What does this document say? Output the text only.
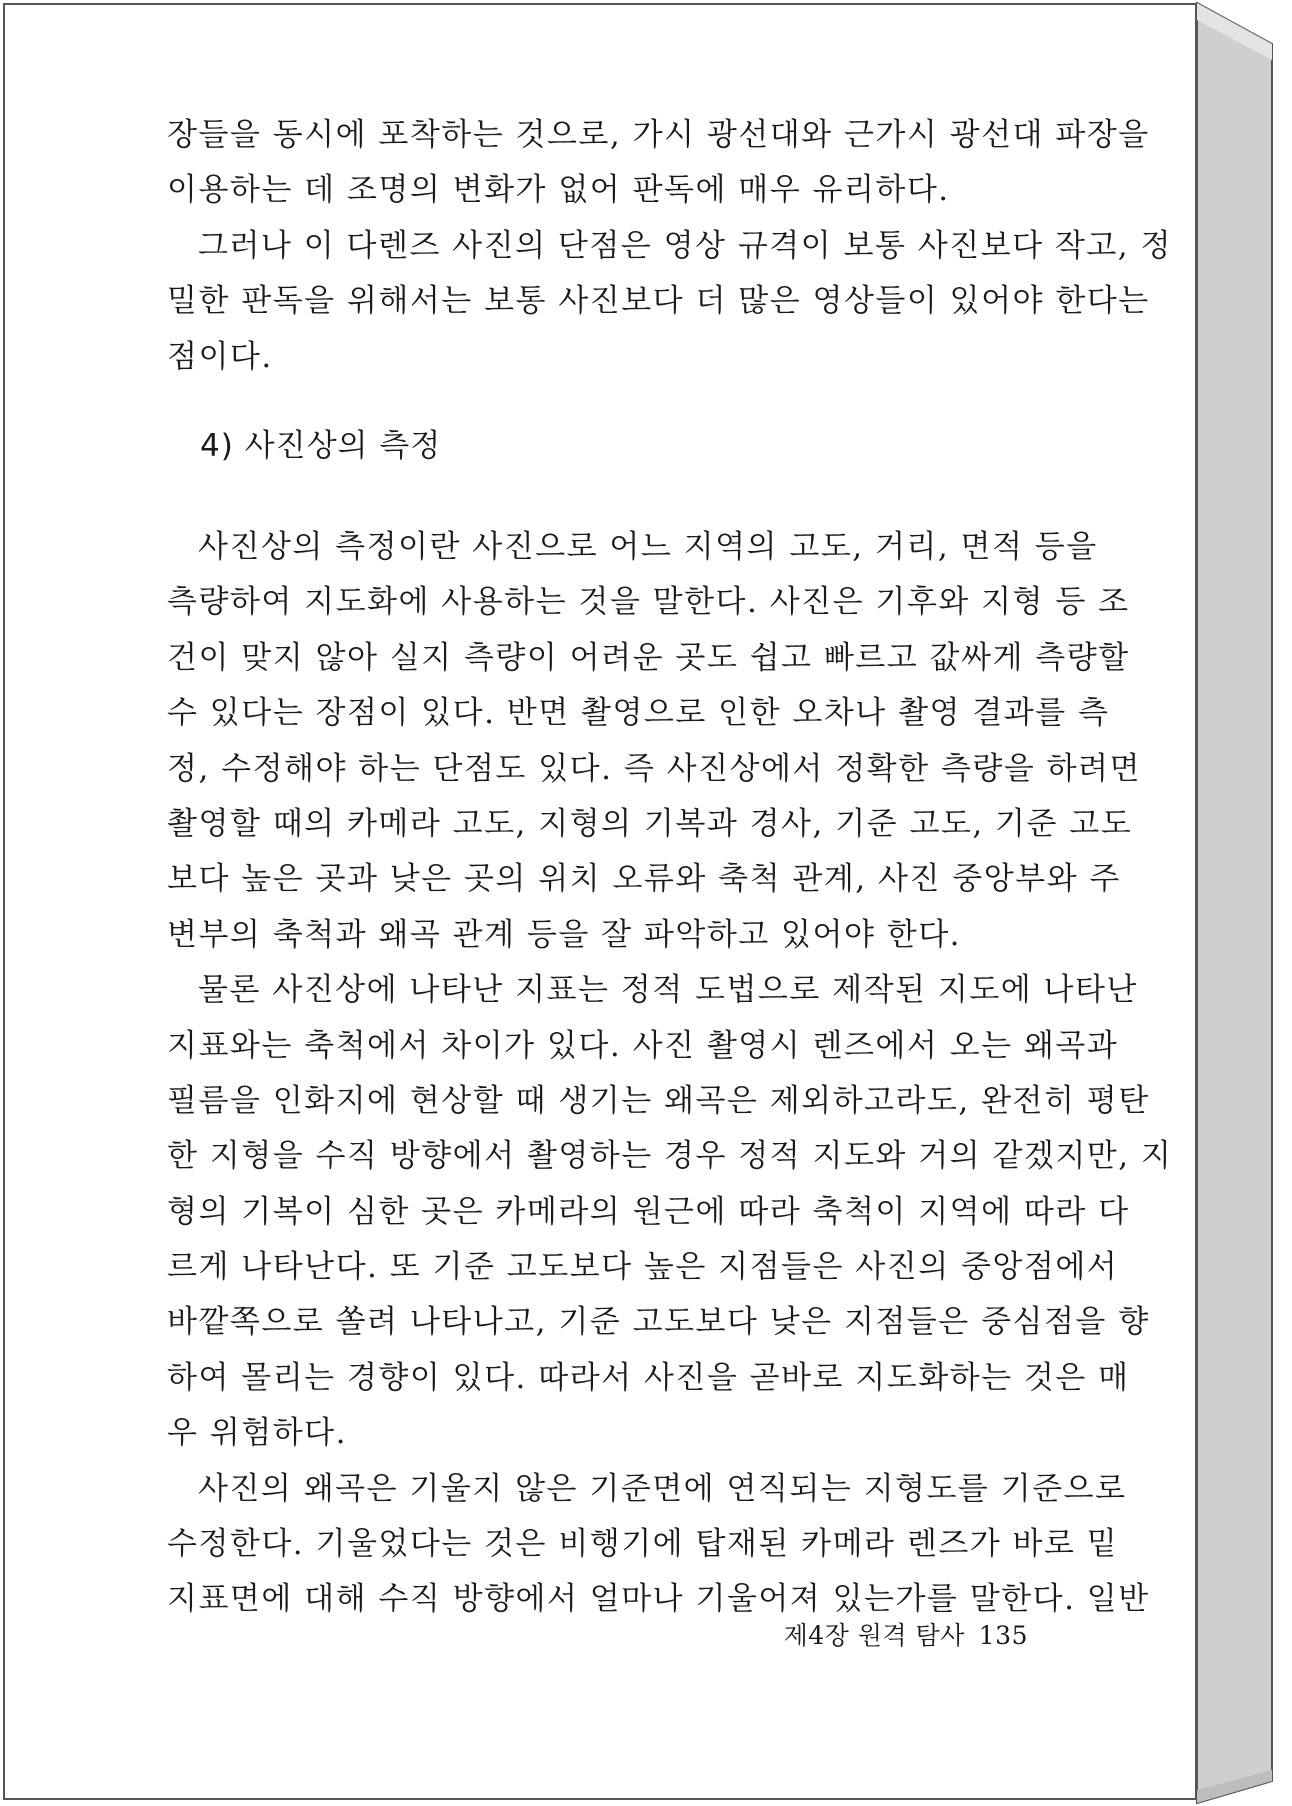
장들을 동시에 포착하는 것으로, 가시 광선대와 근가시 광선대 파장을
이용하는 데 조명의 변화가 없어 판독에 매우 유리하다.
그러나 이 다렌즈 사진의 단점은 영상 규격이 보통 사진보다 작고, 정
밀한 판독을 위해서는 보통 사진보다 더 많은 영상들이 있어야 한다는
점이다.
4) 사진상의 측정
사진상의 측정이란 사진으로 어느 지역의 고도, 거리, 면적 등을
측량하여 지도화에 사용하는 것을 말한다. 사진은 기후와 지형 등 조
건이 맞지 않아 실지 측량이 어려운 곳도 쉽고 빠르고 값싸게 측량할
수 있다는 장점이 있다. 반면 촬영으로 인한 오차나 촬영 결과를 측
정, 수정해야 하는 단점도 있다. 즉 사진상에서 정확한 측량을 하려면
촬영할 때의 카메라 고도, 지형의 기복과 경사, 기준 고도, 기준 고도
보다 높은 곳과 낮은 곳의 위치 오류와 축척 관계, 사진 중앙부와 주
변부의 축척과 왜곡 관계 등을 잘 파악하고 있어야 한다.
물론 사진상에 나타난 지표는 정적 도법으로 제작된 지도에 나타난
지표와는 축척에서 차이가 있다. 사진 촬영시 렌즈에서 오는 왜곡과
필름을 인화지에 현상할 때 생기는 왜곡은 제외하고라도, 완전히 평탄
한 지형을 수직 방향에서 촬영하는 경우 정적 지도와 거의 같겠지만, 지
형의 기복이 심한 곳은 카메라의 원근에 따라 축척이 지역에 따라 다
르게 나타난다. 또 기준 고도보다 높은 지점들은 사진의 중앙점에서
바깥쪽으로 쏠려 나타나고, 기준 고도보다 낮은 지점들은 중심점을 향
하여 몰리는 경향이 있다. 따라서 사진을 곧바로 지도화하는 것은 매
우 위험하다.
사진의 왜곡은 기울지 않은 기준면에 연직되는 지형도를 기준으로
수정한다. 기울었다는 것은 비행기에 탑재된 카메라 렌즈가 바로 밑
지표면에 대해 수직 방향에서 얼마나 기울어져 있는가를 말한다. 일반
제4장 원격 탐사 135
